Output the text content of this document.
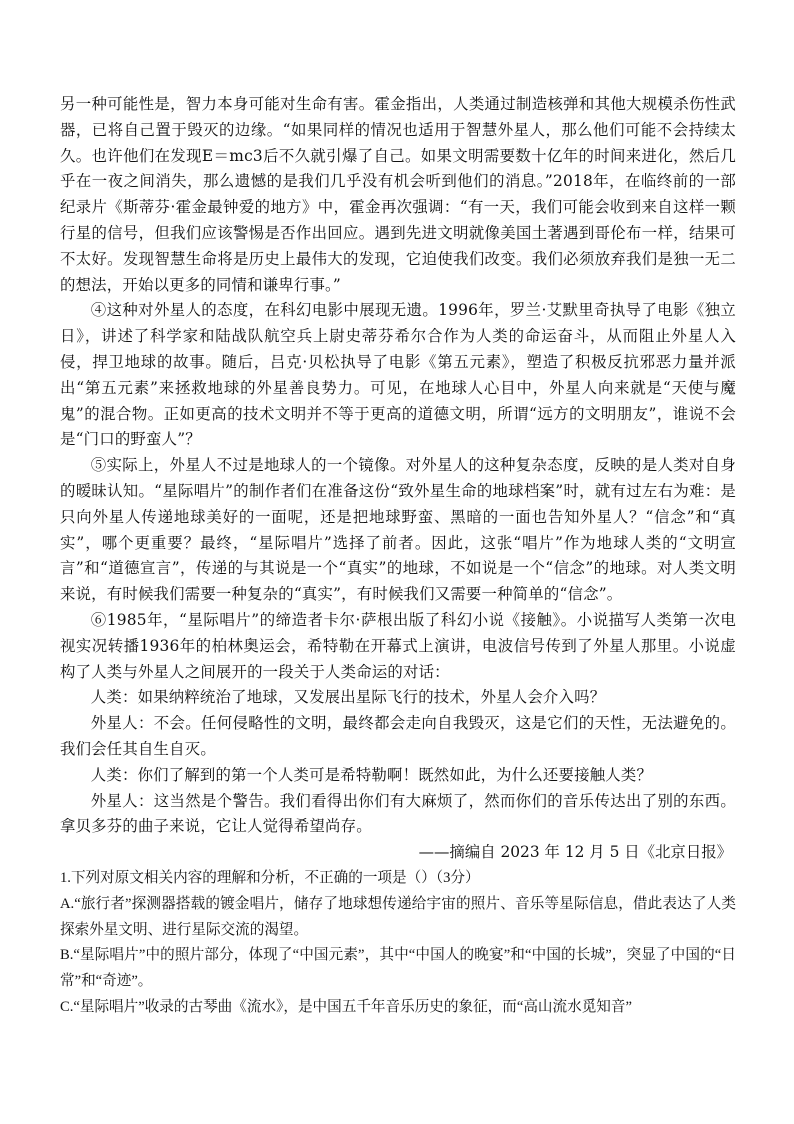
另一种可能性是，智力本身可能对生命有害。霍金指出，人类通过制造核弹和其他大规模杀伤性武器，已将自己置于毁灭的边缘。“如果同样的情况也适用于智慧外星人，那么他们可能不会持续太久。也许他们在发现E＝mc3后不久就引爆了自己。如果文明需要数十亿年的时间来进化，然后几乎在一夜之间消失，那么遗憾的是我们几乎没有机会听到他们的消息。”2018年，在临终前的一部纪录片《斯蒂芬·霍金最钟爱的地方》中，霍金再次强调：“有一天，我们可能会收到来自这样一颗行星的信号，但我们应该警惕是否作出回应。遇到先进文明就像美国土著遇到哥伦布一样，结果可不太好。发现智慧生命将是历史上最伟大的发现，它迫使我们改变。我们必须放弃我们是独一无二的想法，开始以更多的同情和谦卑行事。”

④这种对外星人的态度，在科幻电影中展现无遗。1996年，罗兰·艾默里奇执导了电影《独立日》，讲述了科学家和陆战队航空兵上尉史蒂芬希尔合作为人类的命运奋斗，从而阻止外星人入侵，捍卫地球的故事。随后，吕克·贝松执导了电影《第五元素》，塑造了积极反抗邪恶力量并派出“第五元素”来拯救地球的外星善良势力。可见，在地球人心目中，外星人向来就是“天使与魔鬼”的混合物。正如更高的技术文明并不等于更高的道德文明，所谓“远方的文明朋友”，谁说不会是“门口的野蛮人”？

⑤实际上，外星人不过是地球人的一个镜像。对外星人的这种复杂态度，反映的是人类对自身的暧昧认知。“星际唱片”的制作者们在准备这份“致外星生命的地球档案”时，就有过左右为难：是只向外星人传递地球美好的一面呢，还是把地球野蛮、黑暗的一面也告知外星人？“信念”和“真实”，哪个更重要？最终，“星际唱片”选择了前者。因此，这张“唱片”作为地球人类的“文明宣言”和“道德宣言”，传递的与其说是一个“真实”的地球，不如说是一个“信念”的地球。对人类文明来说，有时候我们需要一种复杂的“真实”，有时候我们又需要一种简单的“信念”。

⑥1985年，“星际唱片”的缔造者卡尔·萨根出版了科幻小说《接触》。小说描写人类第一次电视实况转播1936年的柏林奥运会，希特勒在开幕式上演讲，电波信号传到了外星人那里。小说虚构了人类与外星人之间展开的一段关于人类命运的对话：

人类：如果纳粹统治了地球，又发展出星际飞行的技术，外星人会介入吗？

外星人：不会。任何侵略性的文明，最终都会走向自我毁灭，这是它们的天性，无法避免的。我们会任其自生自灭。

人类：你们了解到的第一个人类可是希特勒啊！既然如此，为什么还要接触人类？

外星人：这当然是个警告。我们看得出你们有大麻烦了，然而你们的音乐传达出了别的东西。拿贝多芬的曲子来说，它让人觉得希望尚存。

——摘编自 2023 年 12 月 5 日《北京日报》

1.下列对原文相关内容的理解和分析，不正确的一项是（）（3分）

A.“旅行者”探测器搭载的镀金唱片，储存了地球想传递给宇宙的照片、音乐等星际信息，借此表达了人类探索外星文明、进行星际交流的渴望。

B.“星际唱片”中的照片部分，体现了“中国元素”，其中“中国人的晚宴”和“中国的长城”，突显了中国的“日常”和“奇迹”。

C.“星际唱片”收录的古琴曲《流水》，是中国五千年音乐历史的象征，而“高山流水觅知音”
